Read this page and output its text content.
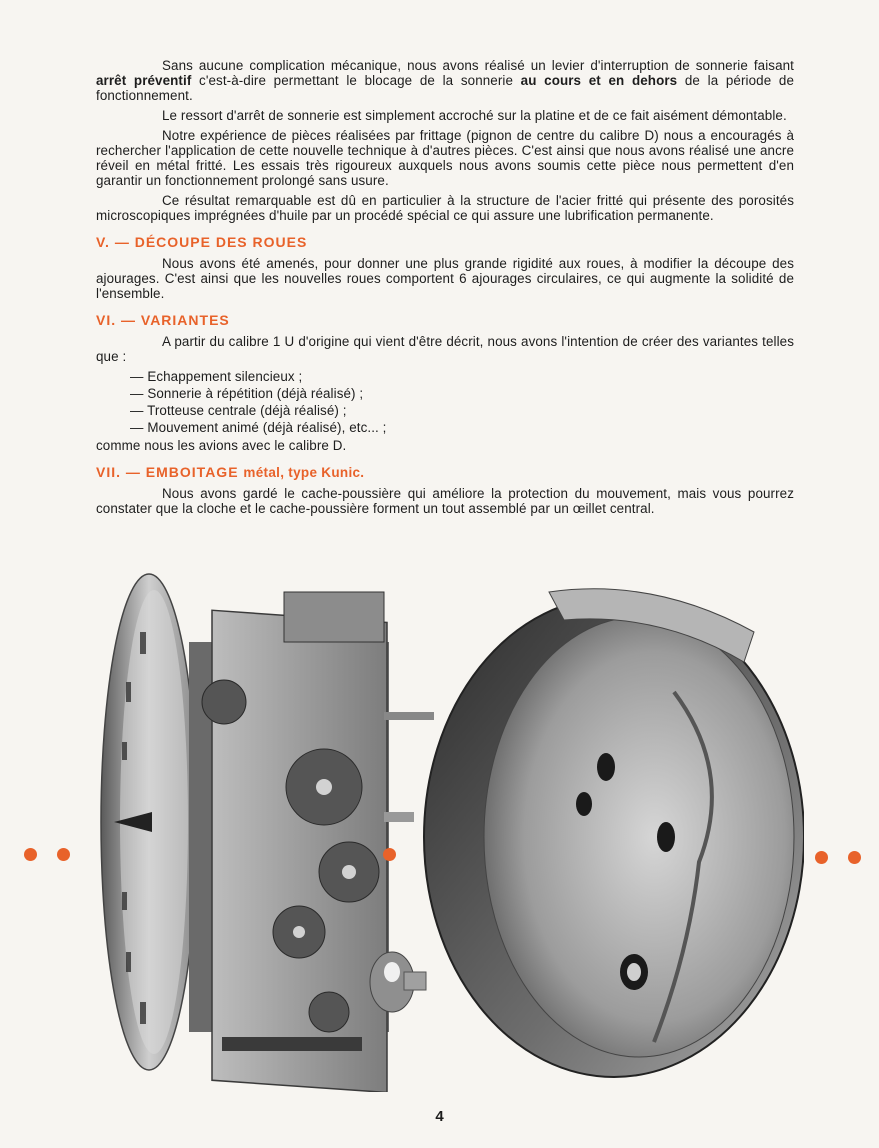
Sans aucune complication mécanique, nous avons réalisé un levier d'interruption de sonnerie faisant arrêt préventif c'est-à-dire permettant le blocage de la sonnerie au cours et en dehors de la période de fonctionnement.

Le ressort d'arrêt de sonnerie est simplement accroché sur la platine et de ce fait aisément démontable.

Notre expérience de pièces réalisées par frittage (pignon de centre du calibre D) nous a encouragés à rechercher l'application de cette nouvelle technique à d'autres pièces. C'est ainsi que nous avons réalisé une ancre réveil en métal fritté. Les essais très rigoureux auxquels nous avons soumis cette pièce nous permettent d'en garantir un fonctionnement prolongé sans usure.

Ce résultat remarquable est dû en particulier à la structure de l'acier fritté qui présente des porosités microscopiques imprégnées d'huile par un procédé spécial ce qui assure une lubrification permanente.

V. — DÉCOUPE DES ROUES

Nous avons été amenés, pour donner une plus grande rigidité aux roues, à modifier la découpe des ajourages. C'est ainsi que les nouvelles roues comportent 6 ajourages circulaires, ce qui augmente la solidité de l'ensemble.

VI. — VARIANTES

A partir du calibre 1 U d'origine qui vient d'être décrit, nous avons l'intention de créer des variantes telles que :

— Echappement silencieux ;
— Sonnerie à répétition (déjà réalisé) ;
— Trotteuse centrale (déjà réalisé) ;
— Mouvement animé (déjà réalisé), etc... ;

comme nous les avions avec le calibre D.

VII. — EMBOITAGE métal, type Kunic.

Nous avons gardé le cache-poussière qui améliore la protection du mouvement, mais vous pourrez constater que la cloche et le cache-poussière forment un tout assemblé par un œillet central.

4
